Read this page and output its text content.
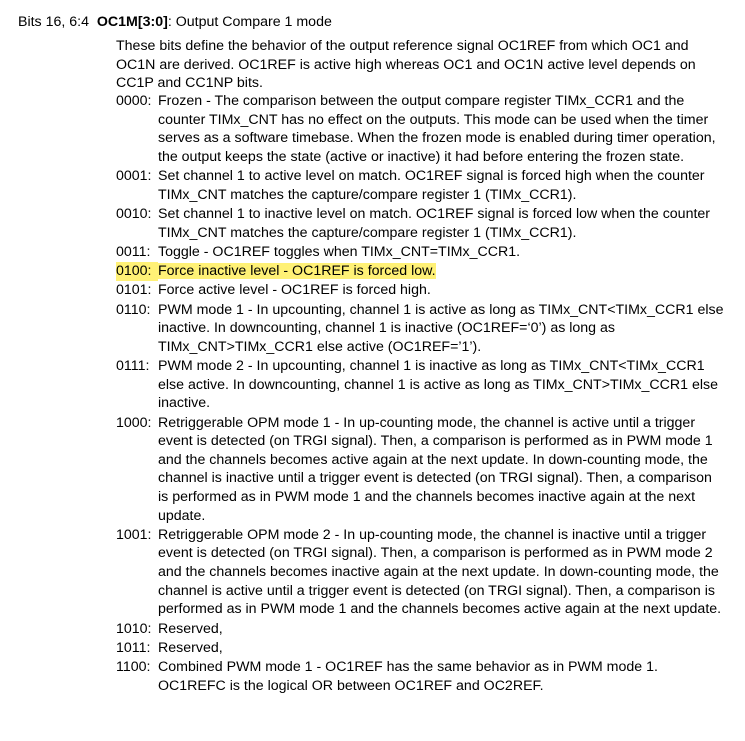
Bits 16, 6:4 OC1M[3:0]: Output Compare 1 mode
These bits define the behavior of the output reference signal OC1REF from which OC1 and OC1N are derived. OC1REF is active high whereas OC1 and OC1N active level depends on CC1P and CC1NP bits.
0000: Frozen - The comparison between the output compare register TIMx_CCR1 and the counter TIMx_CNT has no effect on the outputs. This mode can be used when the timer serves as a software timebase. When the frozen mode is enabled during timer operation, the output keeps the state (active or inactive) it had before entering the frozen state.
0001: Set channel 1 to active level on match. OC1REF signal is forced high when the counter TIMx_CNT matches the capture/compare register 1 (TIMx_CCR1).
0010: Set channel 1 to inactive level on match. OC1REF signal is forced low when the counter TIMx_CNT matches the capture/compare register 1 (TIMx_CCR1).
0011: Toggle - OC1REF toggles when TIMx_CNT=TIMx_CCR1.
0100: Force inactive level - OC1REF is forced low.
0101: Force active level - OC1REF is forced high.
0110: PWM mode 1 - In upcounting, channel 1 is active as long as TIMx_CNT<TIMx_CCR1 else inactive. In downcounting, channel 1 is inactive (OC1REF=‘0’) as long as TIMx_CNT>TIMx_CCR1 else active (OC1REF=’1’).
0111: PWM mode 2 - In upcounting, channel 1 is inactive as long as TIMx_CNT<TIMx_CCR1 else active. In downcounting, channel 1 is active as long as TIMx_CNT>TIMx_CCR1 else inactive.
1000: Retriggerable OPM mode 1 - In up-counting mode, the channel is active until a trigger event is detected (on TRGI signal). Then, a comparison is performed as in PWM mode 1 and the channels becomes active again at the next update. In down-counting mode, the channel is inactive until a trigger event is detected (on TRGI signal). Then, a comparison is performed as in PWM mode 1 and the channels becomes inactive again at the next update.
1001: Retriggerable OPM mode 2 - In up-counting mode, the channel is inactive until a trigger event is detected (on TRGI signal). Then, a comparison is performed as in PWM mode 2 and the channels becomes inactive again at the next update. In down-counting mode, the channel is active until a trigger event is detected (on TRGI signal). Then, a comparison is performed as in PWM mode 1 and the channels becomes active again at the next update.
1010: Reserved,
1011: Reserved,
1100: Combined PWM mode 1 - OC1REF has the same behavior as in PWM mode 1. OC1REFC is the logical OR between OC1REF and OC2REF.
